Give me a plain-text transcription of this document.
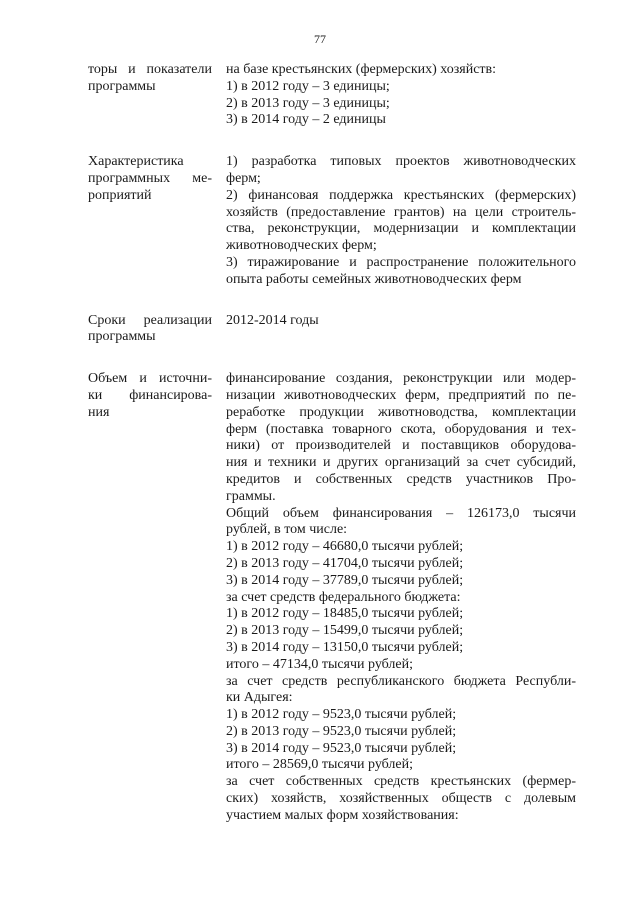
77
торы и показатели
программы
на базе крестьянских (фермерских) хозяйств:
1) в 2012 году – 3 единицы;
2) в 2013 году – 3 единицы;
3) в 2014 году – 2 единицы
Характеристика
программных ме-
роприятий
1) разработка типовых проектов животноводческих
ферм;
2) финансовая поддержка крестьянских (фермерских)
хозяйств (предоставление грантов) на цели строитель-
ства, реконструкции, модернизации и комплектации
животноводческих ферм;
3) тиражирование и распространение положительного
опыта работы семейных животноводческих ферм
Сроки реализации
программы
2012-2014 годы
Объем и источни-
ки финансирова-
ния
финансирование создания, реконструкции или модер-
низации животноводческих ферм, предприятий по пе-
реработке продукции животноводства, комплектации
ферм (поставка товарного скота, оборудования и тех-
ники) от производителей и поставщиков оборудова-
ния и техники и других организаций за счет субсидий,
кредитов и собственных средств участников Про-
граммы.
Общий объем финансирования – 126173,0 тысячи
рублей, в том числе:
1) в 2012 году – 46680,0 тысячи рублей;
2) в 2013 году – 41704,0 тысячи рублей;
3) в 2014 году – 37789,0 тысячи рублей;
за счет средств федерального бюджета:
1) в 2012 году – 18485,0 тысячи рублей;
2) в 2013 году – 15499,0 тысячи рублей;
3) в 2014 году – 13150,0 тысячи рублей;
итого – 47134,0 тысячи рублей;
за счет средств республиканского бюджета Республи-
ки Адыгея:
1) в 2012 году – 9523,0 тысячи рублей;
2) в 2013 году – 9523,0 тысячи рублей;
3) в 2014 году – 9523,0 тысячи рублей;
итого – 28569,0 тысячи рублей;
за счет собственных средств крестьянских (фермер-
ских) хозяйств, хозяйственных обществ с долевым
участием малых форм хозяйствования:
